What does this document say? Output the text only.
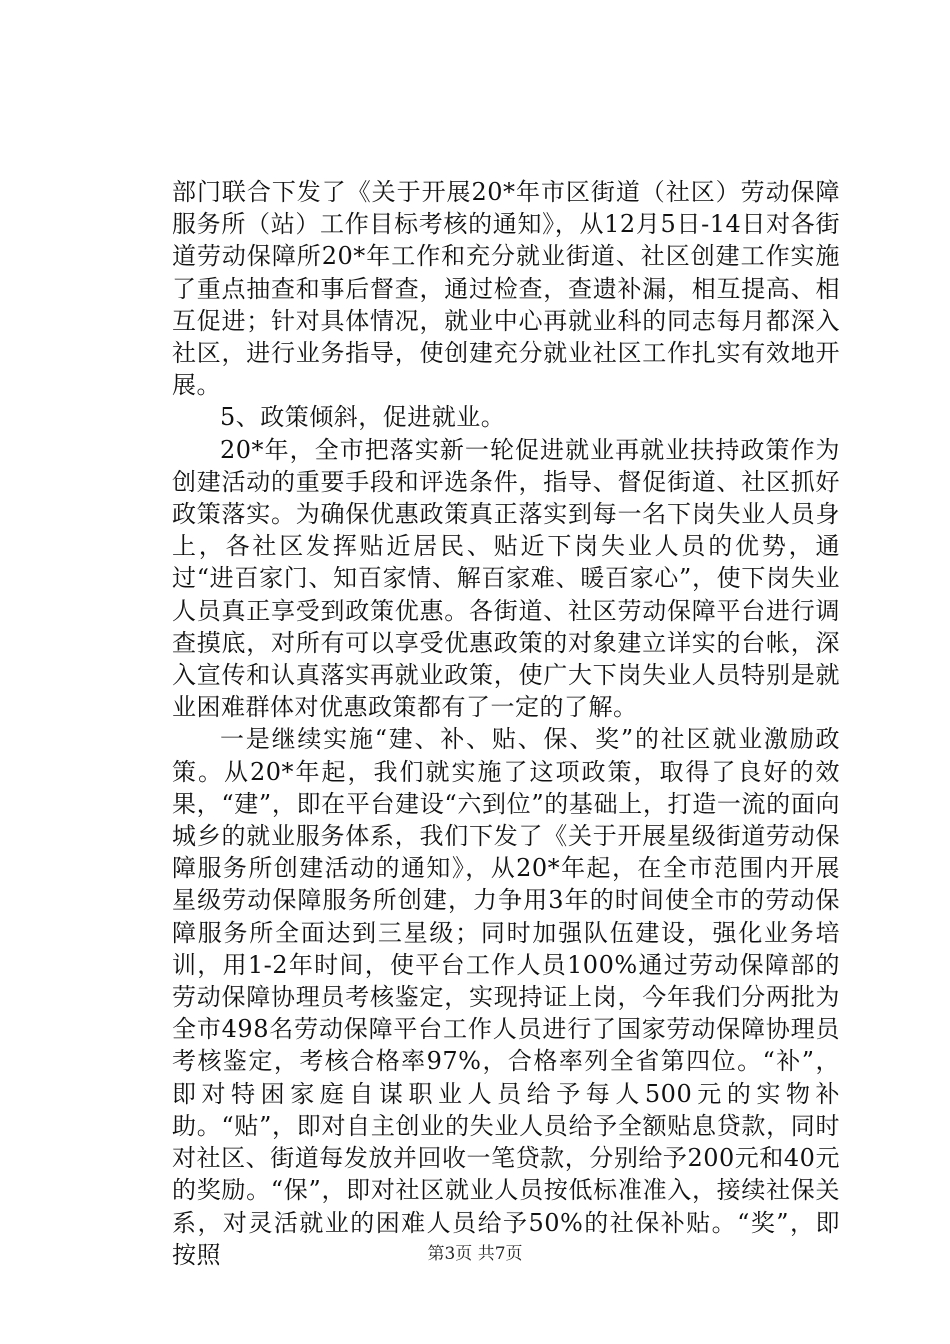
部门联合下发了《关于开展20*年市区街道（社区）劳动保障服务所（站）工作目标考核的通知》，从12月5日-14日对各街道劳动保障所20*年工作和充分就业街道、社区创建工作实施了重点抽查和事后督查，通过检查，查遗补漏，相互提高、相互促进；针对具体情况，就业中心再就业科的同志每月都深入社区，进行业务指导，使创建充分就业社区工作扎实有效地开展。

5、政策倾斜，促进就业。

20*年，全市把落实新一轮促进就业再就业扶持政策作为创建活动的重要手段和评选条件，指导、督促街道、社区抓好政策落实。为确保优惠政策真正落实到每一名下岗失业人员身上，各社区发挥贴近居民、贴近下岗失业人员的优势，通过“进百家门、知百家情、解百家难、暖百家心”，使下岗失业人员真正享受到政策优惠。各街道、社区劳动保障平台进行调查摸底，对所有可以享受优惠政策的对象建立详实的台帐，深入宣传和认真落实再就业政策，使广大下岗失业人员特别是就业困难群体对优惠政策都有了一定的了解。

一是继续实施“建、补、贴、保、奖”的社区就业激励政策。从20*年起，我们就实施了这项政策，取得了良好的效果，“建”，即在平台建设“六到位”的基础上，打造一流的面向城乡的就业服务体系，我们下发了《关于开展星级街道劳动保障服务所创建活动的通知》，从20*年起，在全市范围内开展星级劳动保障服务所创建，力争用3年的时间使全市的劳动保障服务所全面达到三星级；同时加强队伍建设，强化业务培训，用1-2年时间，使平台工作人员100%通过劳动保障部的劳动保障协理员考核鉴定，实现持证上岗，今年我们分两批为全市498名劳动保障平台工作人员进行了国家劳动保障协理员考核鉴定，考核合格率97%，合格率列全省第四位。“补”，即对特困家庭自谋职业人员给予每人500元的实物补助。“贴”，即对自主创业的失业人员给予全额贴息贷款，同时对社区、街道每发放并回收一笔贷款，分别给予200元和40元的奖励。“保”，即对社区就业人员按低标准准入，接续社保关系，对灵活就业的困难人员给予50%的社保补贴。“奖”，即按照	第3页 共7页
